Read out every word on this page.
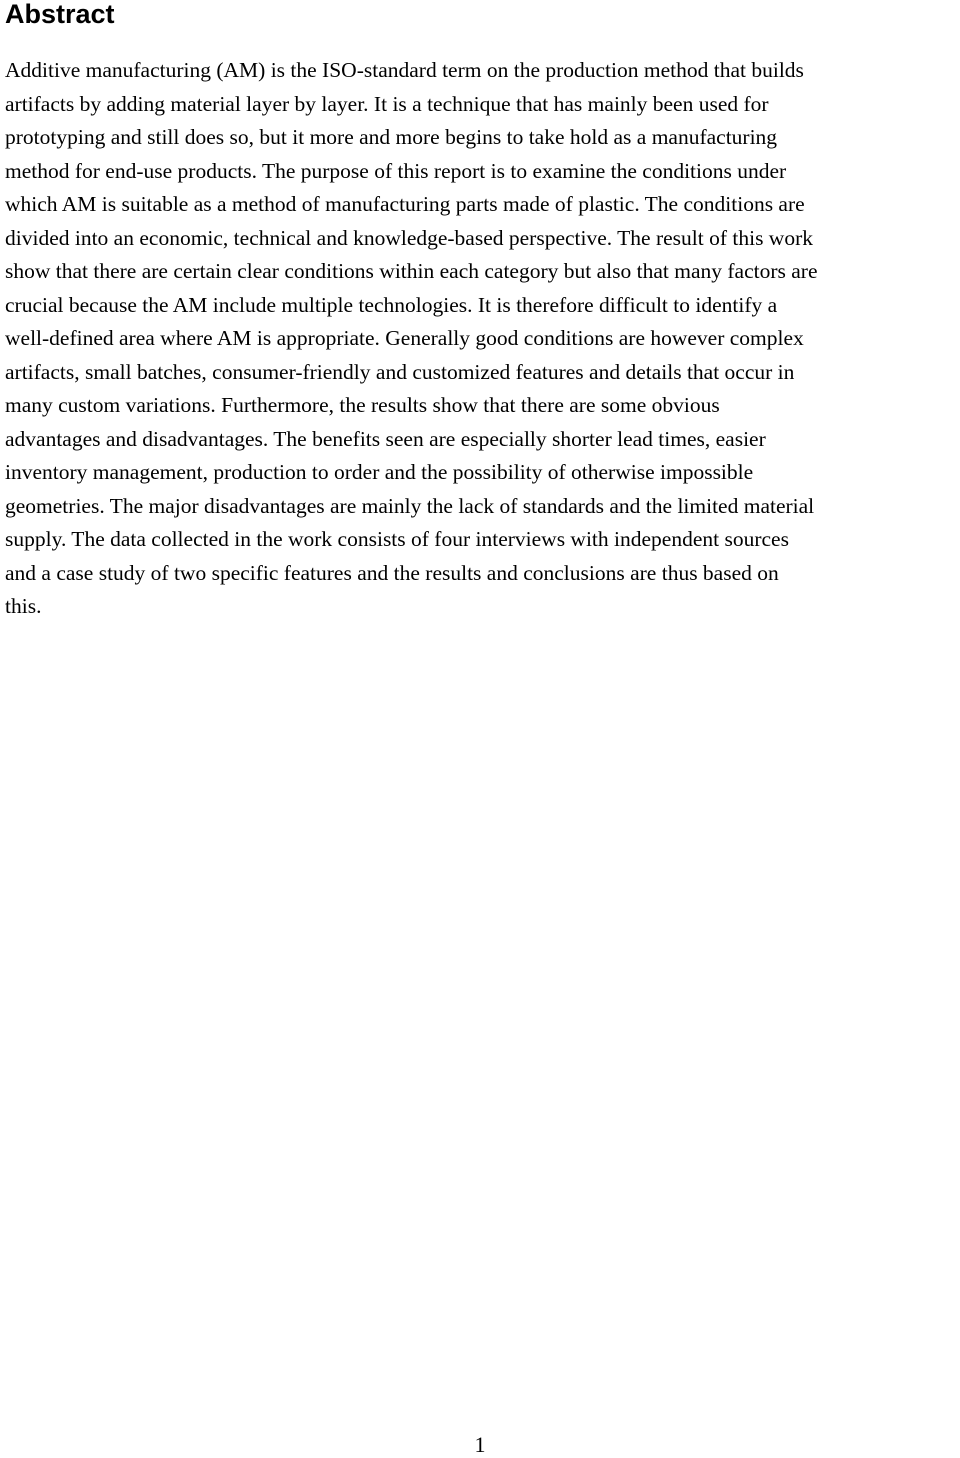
Abstract

Additive manufacturing (AM) is the ISO-standard term on the production method that builds
artifacts by adding material layer by layer. It is a technique that has mainly been used for
prototyping and still does so, but it more and more begins to take hold as a manufacturing
method for end-use products. The purpose of this report is to examine the conditions under
which AM is suitable as a method of manufacturing parts made of plastic. The conditions are
divided into an economic, technical and knowledge-based perspective. The result of this work
show that there are certain clear conditions within each category but also that many factors are
crucial because the AM include multiple technologies. It is therefore difficult to identify a
well-defined area where AM is appropriate. Generally good conditions are however complex
artifacts, small batches, consumer-friendly and customized features and details that occur in
many custom variations. Furthermore, the results show that there are some obvious
advantages and disadvantages. The benefits seen are especially shorter lead times, easier
inventory management, production to order and the possibility of otherwise impossible
geometries. The major disadvantages are mainly the lack of standards and the limited material
supply. The data collected in the work consists of four interviews with independent sources
and a case study of two specific features and the results and conclusions are thus based on
this.

1
